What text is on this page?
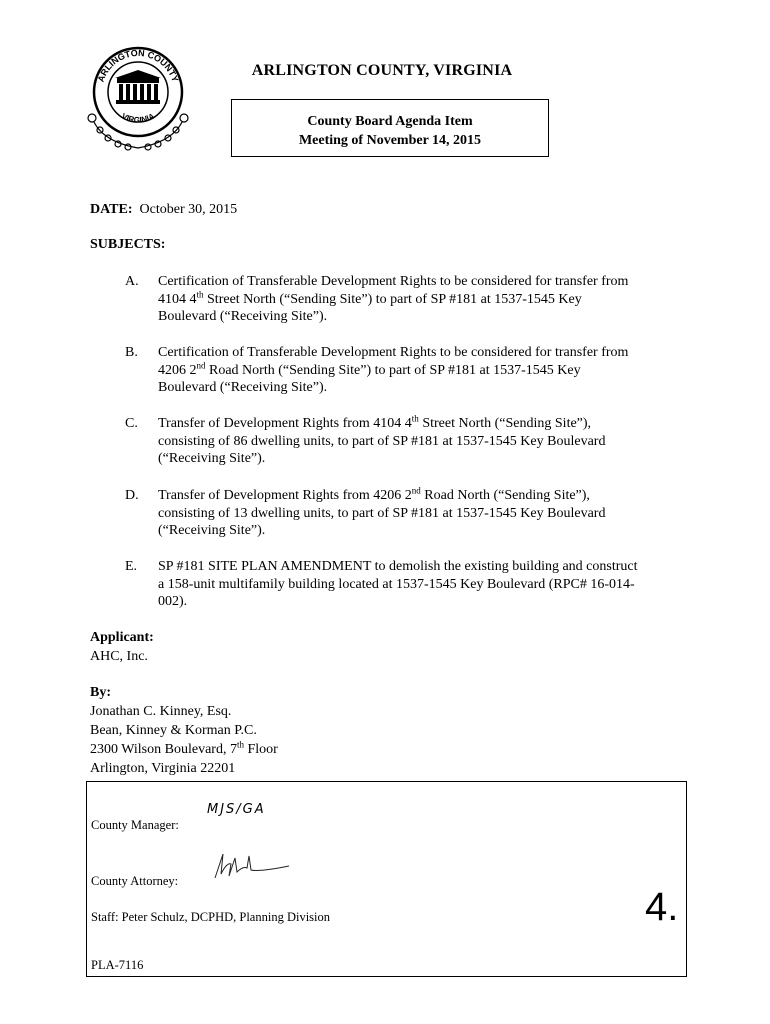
ARLINGTON COUNTY
VIRGINIA
ARLINGTON COUNTY, VIRGINIA
County Board Agenda Item
Meeting of November 14, 2015
DATE: October 30, 2015
SUBJECTS:
A. Certification of Transferable Development Rights to be considered for transfer from
4104 4th Street North (“Sending Site”) to part of SP #181 at 1537-1545 Key
Boulevard (“Receiving Site”).
B. Certification of Transferable Development Rights to be considered for transfer from
4206 2nd Road North (“Sending Site”) to part of SP #181 at 1537-1545 Key
Boulevard (“Receiving Site”).
C. Transfer of Development Rights from 4104 4th Street North (“Sending Site”),
consisting of 86 dwelling units, to part of SP #181 at 1537-1545 Key Boulevard
(“Receiving Site”).
D. Transfer of Development Rights from 4206 2nd Road North (“Sending Site”),
consisting of 13 dwelling units, to part of SP #181 at 1537-1545 Key Boulevard
(“Receiving Site”).
E. SP #181 SITE PLAN AMENDMENT to demolish the existing building and construct
a 158-unit multifamily building located at 1537-1545 Key Boulevard (RPC# 16-014-
002).
Applicant:
AHC, Inc.
By:
Jonathan C. Kinney, Esq.
Bean, Kinney & Korman P.C.
2300 Wilson Boulevard, 7th Floor
Arlington, Virginia 22201
MJS/GA
County Manager:
County Attorney:
Staff: Peter Schulz, DCPHD, Planning Division	4.
PLA-7116
